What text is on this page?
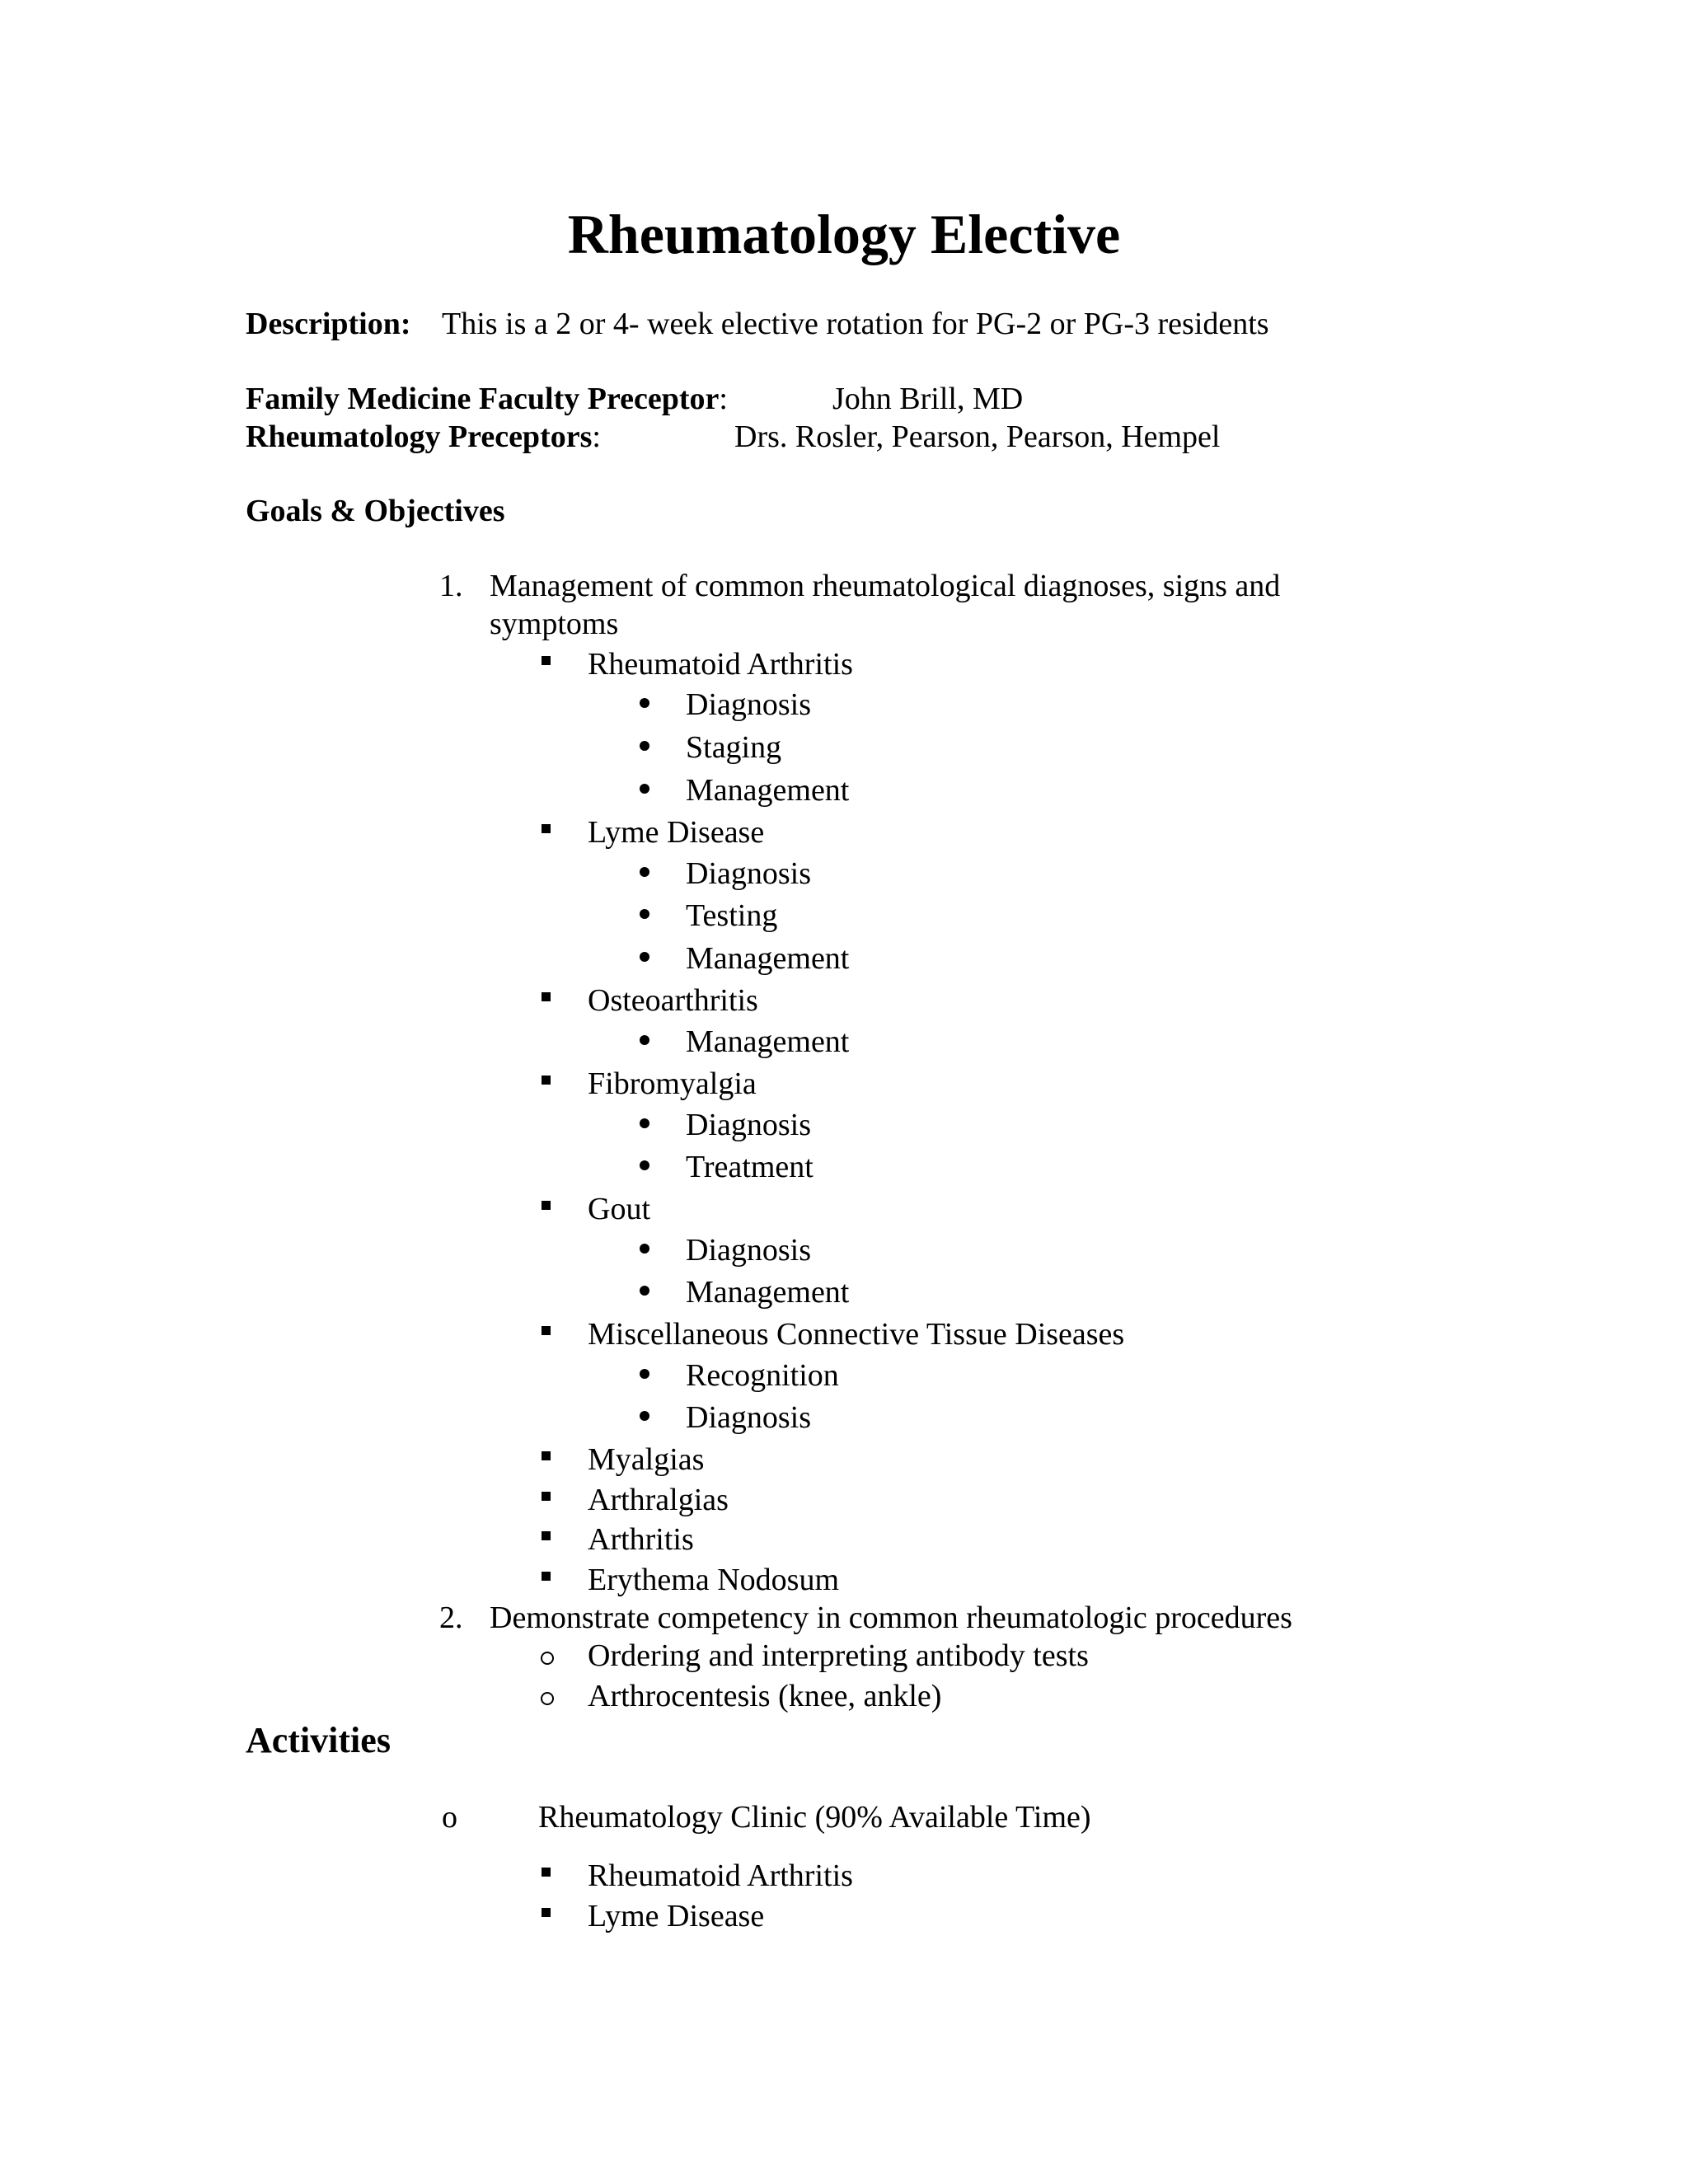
Rheumatology Elective
Description: This is a 2 or 4- week elective rotation for PG-2 or PG-3 residents
Family Medicine Faculty Preceptor:	John Brill, MD
Rheumatology Preceptors:	Drs. Rosler, Pearson, Pearson, Hempel
Goals & Objectives
1. Management of common rheumatological diagnoses, signs and
symptoms
Rheumatoid Arthritis
Diagnosis
Staging
Management
Lyme Disease
Diagnosis
Testing
Management
Osteoarthritis
Management
Fibromyalgia
Diagnosis
Treatment
Gout
Diagnosis
Management
Miscellaneous Connective Tissue Diseases
Recognition
Diagnosis
Myalgias
Arthralgias
Arthritis
Erythema Nodosum
2. Demonstrate competency in common rheumatologic procedures
Ordering and interpreting antibody tests
Arthrocentesis (knee, ankle)
Activities
o	Rheumatology Clinic (90% Available Time)
Rheumatoid Arthritis
Lyme Disease
